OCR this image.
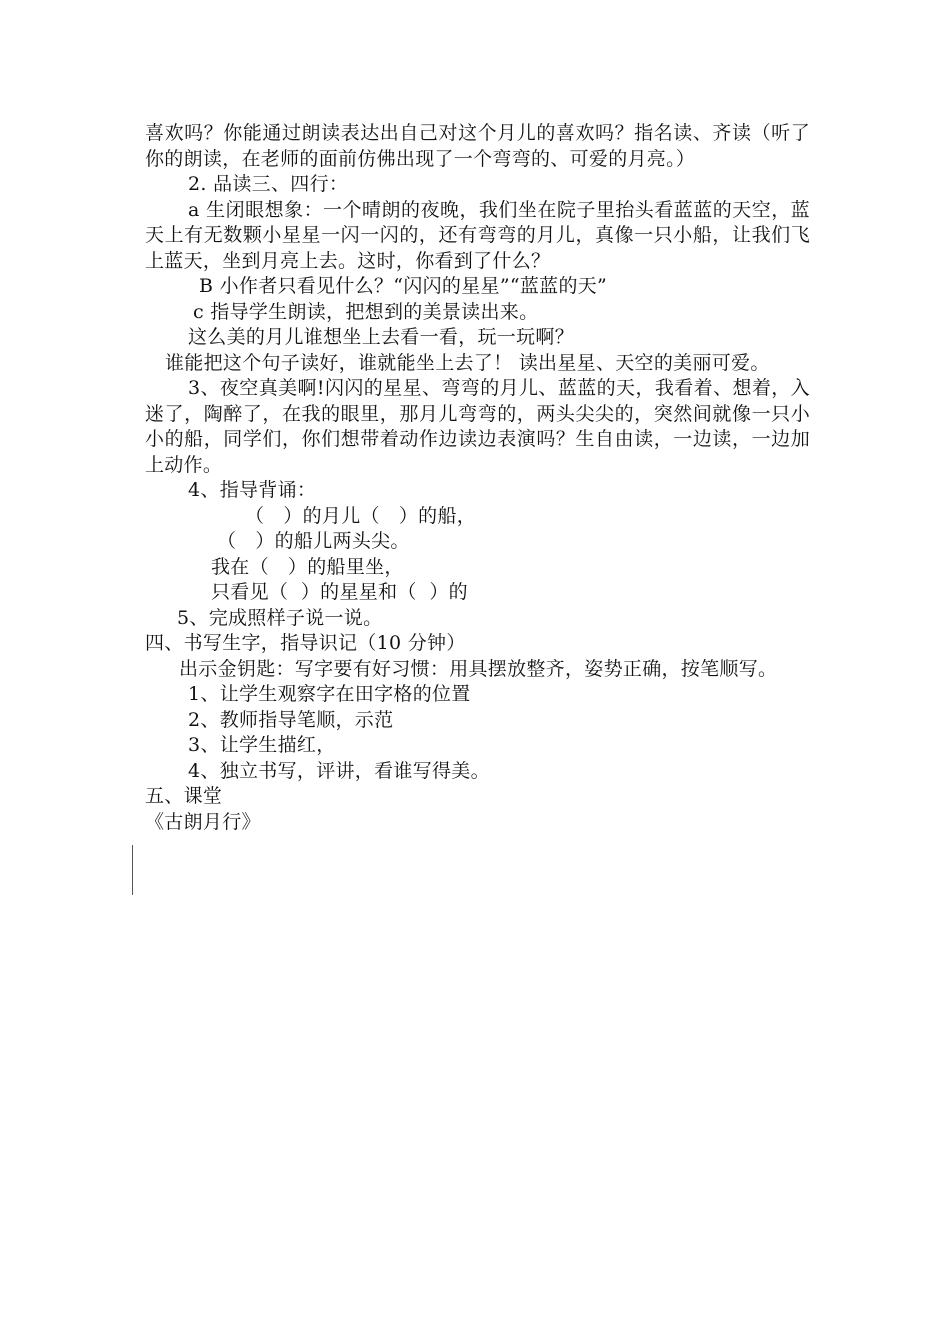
喜欢吗？你能通过朗读表达出自己对这个月儿的喜欢吗？指名读、齐读（听了你的朗读，在老师的面前仿佛出现了一个弯弯的、可爱的月亮。）
2. 品读三、四行：
a 生闭眼想象：一个晴朗的夜晚，我们坐在院子里抬头看蓝蓝的天空，蓝天上有无数颗小星星一闪一闪的，还有弯弯的月儿，真像一只小船，让我们飞上蓝天，坐到月亮上去。这时，你看到了什么？
B 小作者只看见什么？“闪闪的星星”“蓝蓝的天”
c 指导学生朗读，把想到的美景读出来。
这么美的月儿谁想坐上去看一看，玩一玩啊？
谁能把这个句子读好，谁就能坐上去了！ 读出星星、天空的美丽可爱。
3、夜空真美啊!闪闪的星星、弯弯的月儿、蓝蓝的天，我看着、想着，入迷了，陶醉了，在我的眼里，那月儿弯弯的，两头尖尖的，突然间就像一只小小的船，同学们，你们想带着动作边读边表演吗？生自由读，一边读，一边加上动作。
4、指导背诵：
（   ）的月儿（   ）的船，
（   ）的船儿两头尖。
我在（   ）的船里坐，
只看见（  ）的星星和（  ）的
5、完成照样子说一说。
四、书写生字，指导识记（10 分钟）
出示金钥匙：写字要有好习惯：用具摆放整齐，姿势正确，按笔顺写。
1、让学生观察字在田字格的位置
2、教师指导笔顺，示范
3、让学生描红，
4、独立书写，评讲，看谁写得美。
五、课堂
《古朗月行》
